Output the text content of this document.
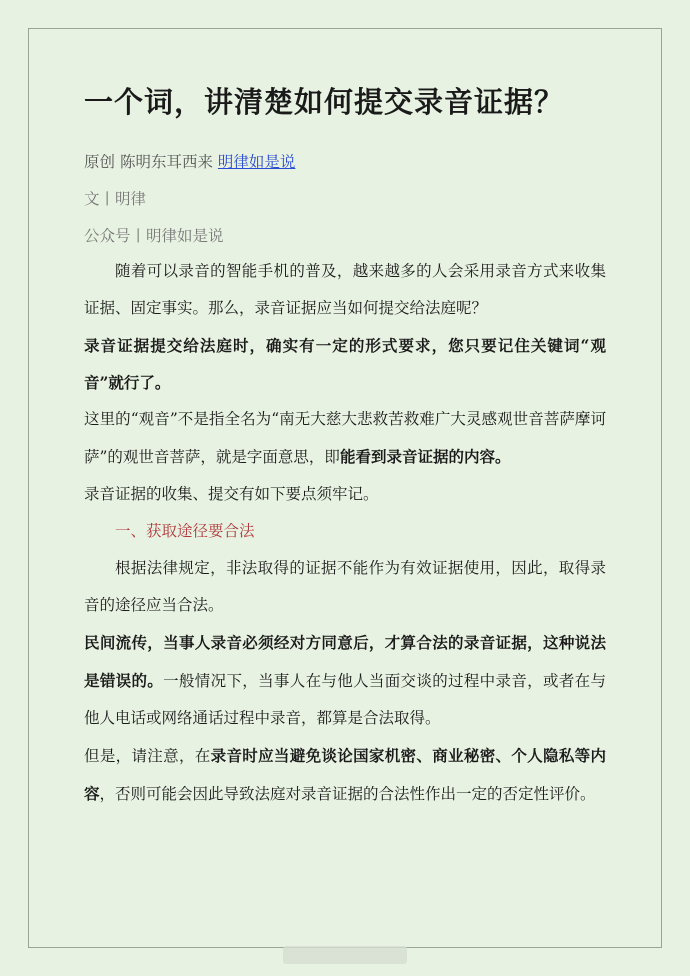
一个词，讲清楚如何提交录音证据？
原创 陈明东耳西来 明律如是说
文丨明律
公众号丨明律如是说

随着可以录音的智能手机的普及，越来越多的人会采用录音方式来收集证据、固定事实。那么，录音证据应当如何提交给法庭呢？

录音证据提交给法庭时，确实有一定的形式要求，您只要记住关键词“观音”就行了。

这里的“观音”不是指全名为“南无大慈大悲救苦救难广大灵感观世音菩萨摩诃萨”的观世音菩萨，就是字面意思，即能看到录音证据的内容。

录音证据的收集、提交有如下要点须牢记。

一、获取途径要合法

根据法律规定，非法取得的证据不能作为有效证据使用，因此，取得录音的途径应当合法。

民间流传，当事人录音必须经对方同意后，才算合法的录音证据，这种说法是错误的。一般情况下，当事人在与他人当面交谈的过程中录音，或者在与他人电话或网络通话过程中录音，都算是合法取得。

但是，请注意，在录音时应当避免谈论国家机密、商业秘密、个人隐私等内容，否则可能会因此导致法庭对录音证据的合法性作出一定的否定性评价。
